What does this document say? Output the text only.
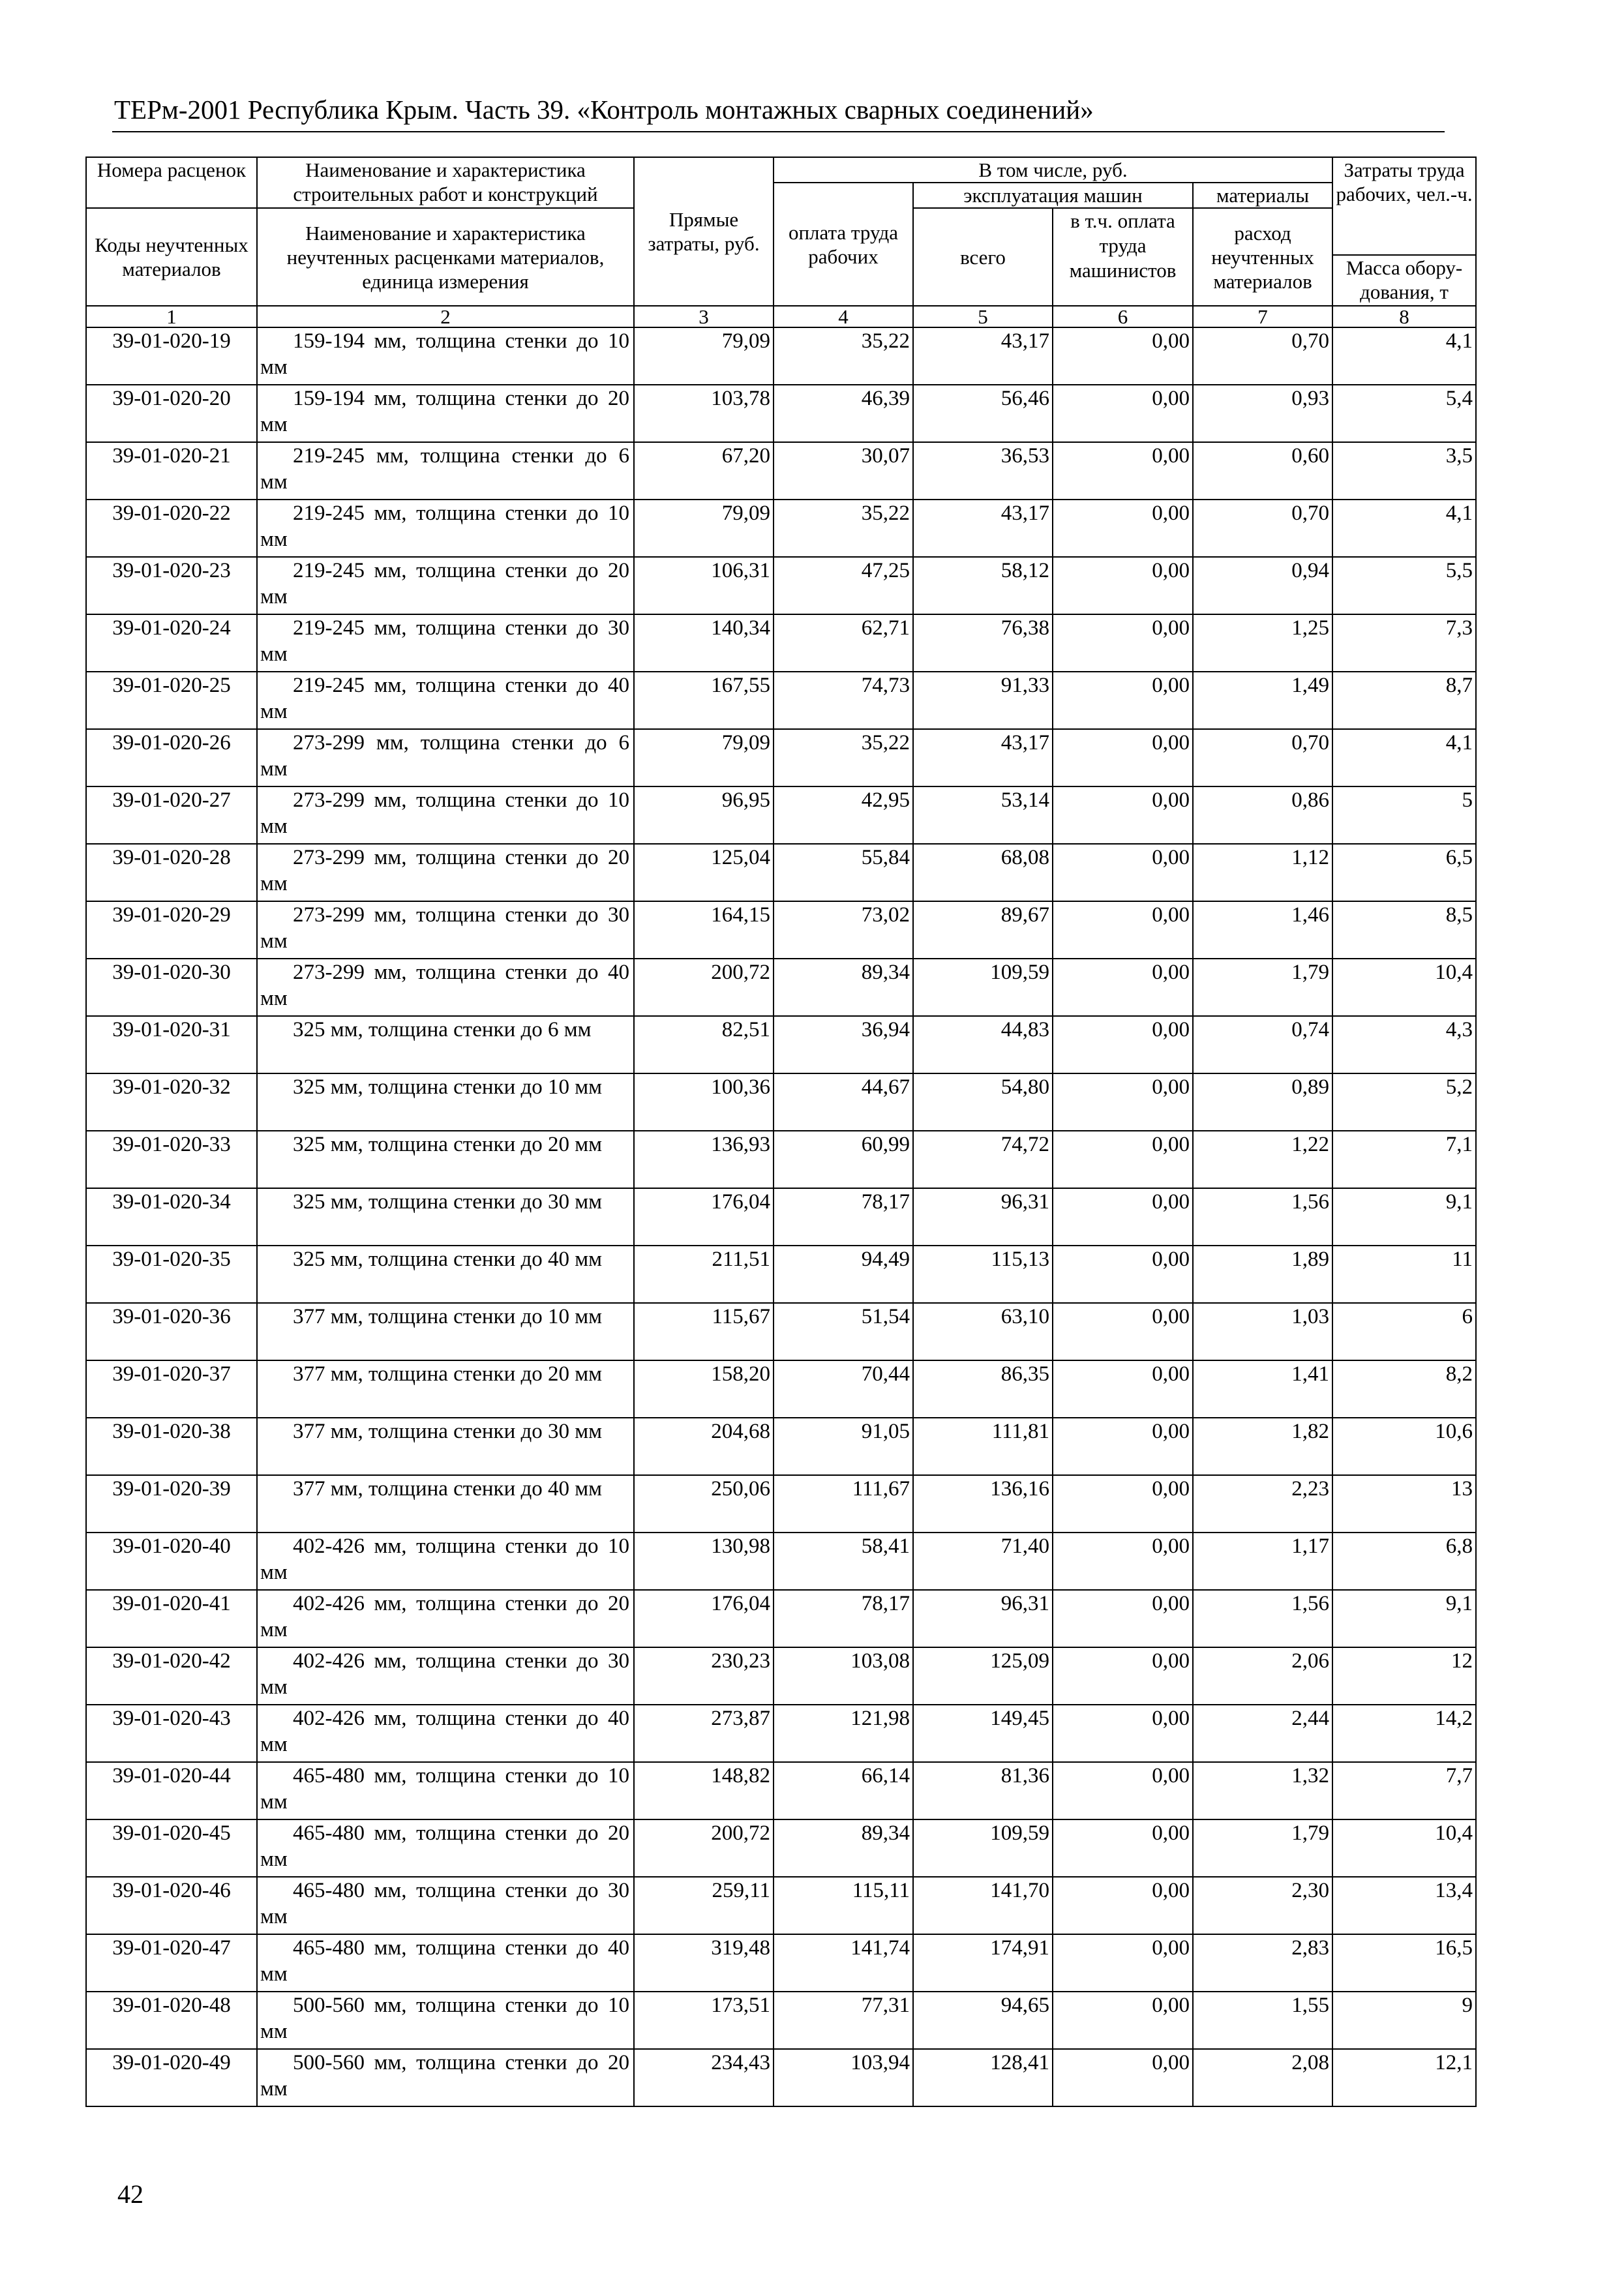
ТЕРм-2001 Республика Крым. Часть 39. «Контроль монтажных сварных соединений»
Номера расценок	Наименование и характеристика строительных работ и конструкций	Прямые затраты, руб.	В том числе, руб.				Затраты труда рабочих, чел.-ч.
			оплата труда рабочих	эксплуатация машин		материалы	
Коды неучтенных материалов	Наименование и характеристика неучтенных расценками материалов, единица измерения			всего	в т.ч. оплата труда машинистов	расход неучтенных материалов	
							Масса обору-дования, т
1	2	3	4	5	6	7	8
39-01-020-19	159-194 мм, толщина стенки до 10 мм	79,09	35,22	43,17	0,00	0,70	4,1
39-01-020-20	159-194 мм, толщина стенки до 20 мм	103,78	46,39	56,46	0,00	0,93	5,4
39-01-020-21	219-245 мм, толщина стенки до 6 мм	67,20	30,07	36,53	0,00	0,60	3,5
39-01-020-22	219-245 мм, толщина стенки до 10 мм	79,09	35,22	43,17	0,00	0,70	4,1
39-01-020-23	219-245 мм, толщина стенки до 20 мм	106,31	47,25	58,12	0,00	0,94	5,5
39-01-020-24	219-245 мм, толщина стенки до 30 мм	140,34	62,71	76,38	0,00	1,25	7,3
39-01-020-25	219-245 мм, толщина стенки до 40 мм	167,55	74,73	91,33	0,00	1,49	8,7
39-01-020-26	273-299 мм, толщина стенки до 6 мм	79,09	35,22	43,17	0,00	0,70	4,1
39-01-020-27	273-299 мм, толщина стенки до 10 мм	96,95	42,95	53,14	0,00	0,86	5
39-01-020-28	273-299 мм, толщина стенки до 20 мм	125,04	55,84	68,08	0,00	1,12	6,5
39-01-020-29	273-299 мм, толщина стенки до 30 мм	164,15	73,02	89,67	0,00	1,46	8,5
39-01-020-30	273-299 мм, толщина стенки до 40 мм	200,72	89,34	109,59	0,00	1,79	10,4
39-01-020-31	325 мм, толщина стенки до 6 мм	82,51	36,94	44,83	0,00	0,74	4,3
39-01-020-32	325 мм, толщина стенки до 10 мм	100,36	44,67	54,80	0,00	0,89	5,2
39-01-020-33	325 мм, толщина стенки до 20 мм	136,93	60,99	74,72	0,00	1,22	7,1
39-01-020-34	325 мм, толщина стенки до 30 мм	176,04	78,17	96,31	0,00	1,56	9,1
39-01-020-35	325 мм, толщина стенки до 40 мм	211,51	94,49	115,13	0,00	1,89	11
39-01-020-36	377 мм, толщина стенки до 10 мм	115,67	51,54	63,10	0,00	1,03	6
39-01-020-37	377 мм, толщина стенки до 20 мм	158,20	70,44	86,35	0,00	1,41	8,2
39-01-020-38	377 мм, толщина стенки до 30 мм	204,68	91,05	111,81	0,00	1,82	10,6
39-01-020-39	377 мм, толщина стенки до 40 мм	250,06	111,67	136,16	0,00	2,23	13
39-01-020-40	402-426 мм, толщина стенки до 10 мм	130,98	58,41	71,40	0,00	1,17	6,8
39-01-020-41	402-426 мм, толщина стенки до 20 мм	176,04	78,17	96,31	0,00	1,56	9,1
39-01-020-42	402-426 мм, толщина стенки до 30 мм	230,23	103,08	125,09	0,00	2,06	12
39-01-020-43	402-426 мм, толщина стенки до 40 мм	273,87	121,98	149,45	0,00	2,44	14,2
39-01-020-44	465-480 мм, толщина стенки до 10 мм	148,82	66,14	81,36	0,00	1,32	7,7
39-01-020-45	465-480 мм, толщина стенки до 20 мм	200,72	89,34	109,59	0,00	1,79	10,4
39-01-020-46	465-480 мм, толщина стенки до 30 мм	259,11	115,11	141,70	0,00	2,30	13,4
39-01-020-47	465-480 мм, толщина стенки до 40 мм	319,48	141,74	174,91	0,00	2,83	16,5
39-01-020-48	500-560 мм, толщина стенки до 10 мм	173,51	77,31	94,65	0,00	1,55	9
39-01-020-49	500-560 мм, толщина стенки до 20 мм	234,43	103,94	128,41	0,00	2,08	12,1
42
